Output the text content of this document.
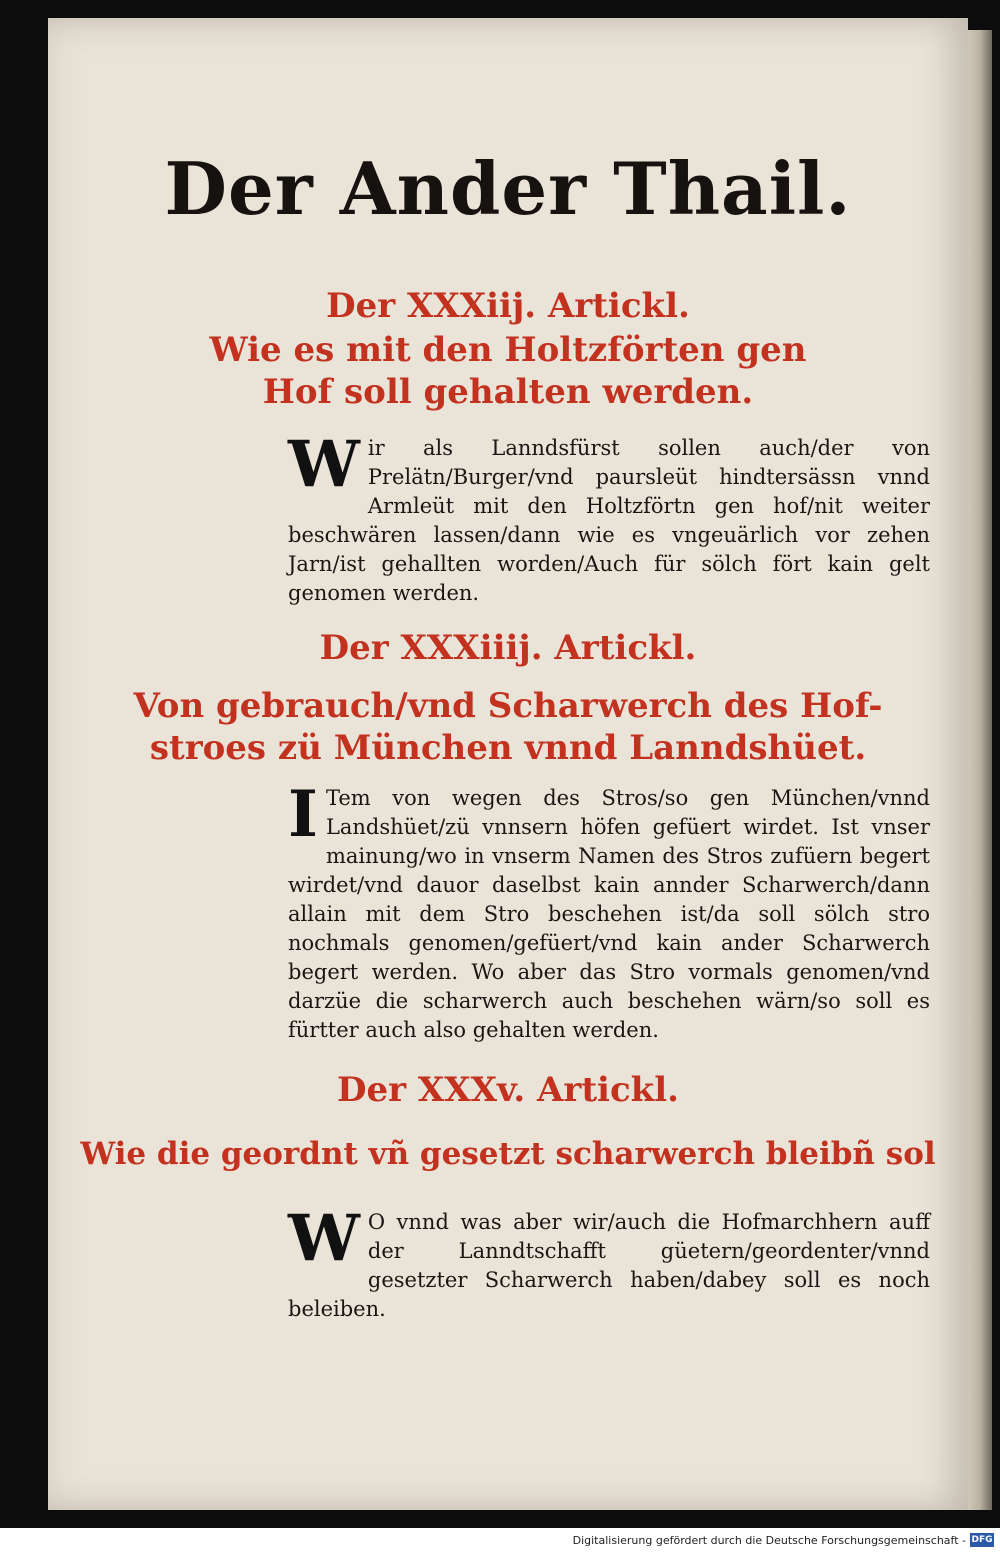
Der Ander Thail.
Der XXXiij. Artickl.
Wie es mit den Holtzförten gen
Hof soll gehalten werden.
W ir als Lanndsfürst sollen auch/der von Prelätn/Burger/vnd paursleüt hindtersässn vnnd Armleüt mit den Holtzförtn gen hof/nit weiter beschwären lassen/dann wie es vngeuärlich vor zehen Jarn/ist gehallten worden/Auch für sölch fört kain gelt genomen werden.
Der XXXiiij. Artickl.
Von gebrauch/vnd Scharwerch des Hof-
stroes zü München vnnd Lanndshüet.
I Tem von wegen des Stros/so gen München/vnnd Landshüet/zü vnnsern höfen gefüert wirdet. Ist vnser mainung/wo in vnserm Namen des Stros zufüern begert wirdet/vnd dauor daselbst kain annder Scharwerch/dann allain mit dem Stro beschehen ist/da soll sölch stro nochmals genomen/gefüert/vnd kain ander Scharwerch begert werden. Wo aber das Stro vormals genomen/vnd darzüe die scharwerch auch beschehen wärn/so soll es fürtter auch also gehalten werden.
Der XXXv. Artickl.
Wie die geordnt vñ gesetzt scharwerch bleibñ sol
W O vnnd was aber wir/auch die Hofmarchhern auff der Lanndtschafft güetern/geordenter/vnnd gesetzter Scharwerch haben/dabey soll es noch beleiben.
Digitalisierung gefördert durch die Deutsche Forschungsgemeinschaft - DFG
